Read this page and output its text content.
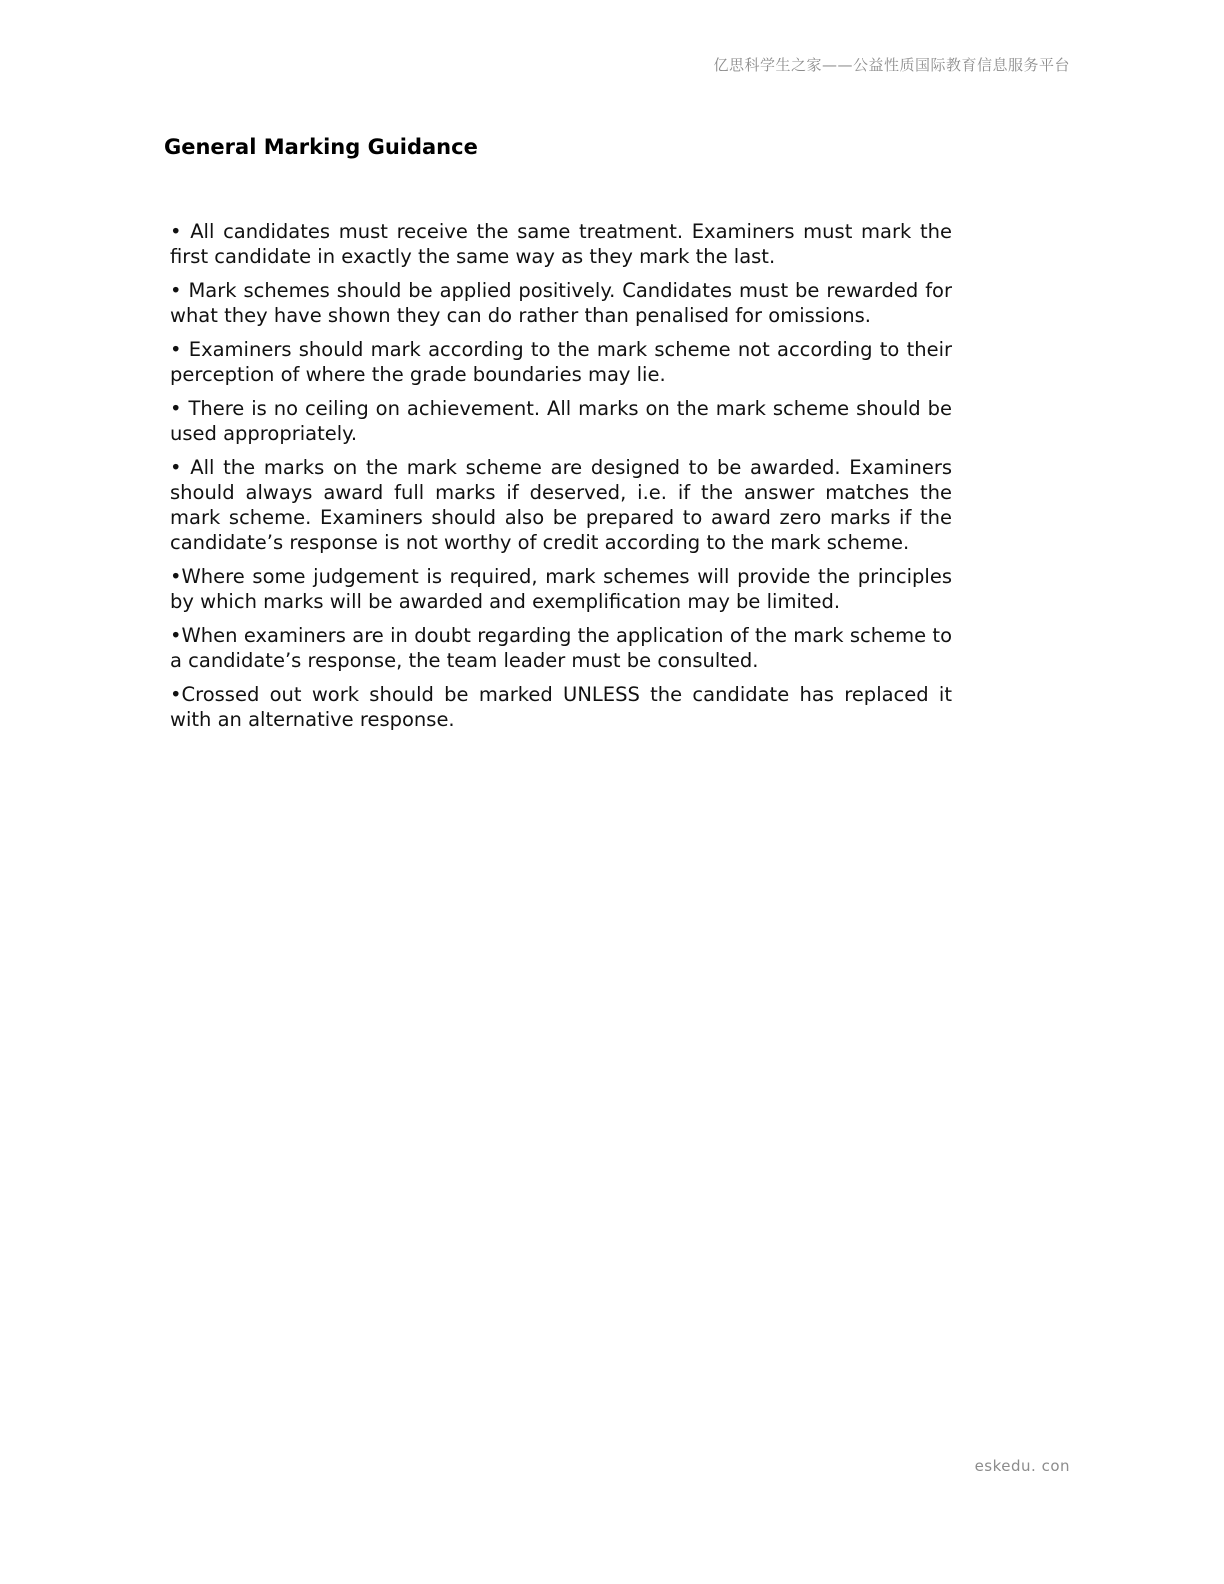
亿思科学生之家——公益性质国际教育信息服务平台
General Marking Guidance
• All candidates must receive the same treatment. Examiners must mark the first candidate in exactly the same way as they mark the last.
• Mark schemes should be applied positively. Candidates must be rewarded for what they have shown they can do rather than penalised for omissions.
• Examiners should mark according to the mark scheme not according to their perception of where the grade boundaries may lie.
• There is no ceiling on achievement. All marks on the mark scheme should be used appropriately.
• All the marks on the mark scheme are designed to be awarded. Examiners should always award full marks if deserved, i.e. if the answer matches the mark scheme. Examiners should also be prepared to award zero marks if the candidate’s response is not worthy of credit according to the mark scheme.
•Where some judgement is required, mark schemes will provide the principles by which marks will be awarded and exemplification may be limited.
•When examiners are in doubt regarding the application of the mark scheme to a candidate’s response, the team leader must be consulted.
•Crossed out work should be marked UNLESS the candidate has replaced it with an alternative response.
eskedu. con
